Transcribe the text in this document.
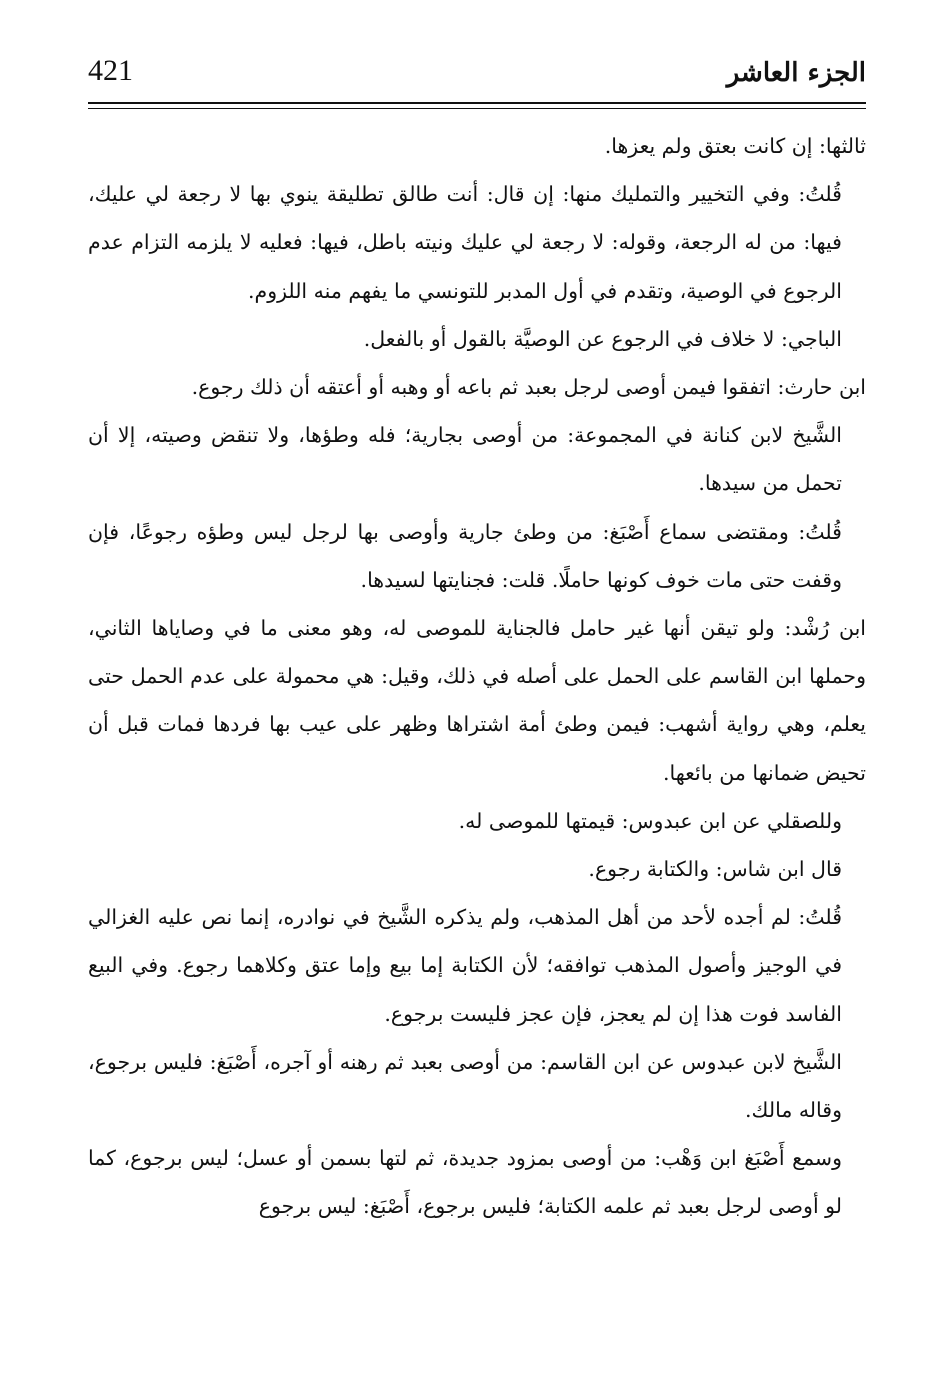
421	الجزء العاشر

ثالثها: إن كانت بعتق ولم يعزها.

قُلتُ: وفي التخيير والتمليك منها: إن قال: أنت طالق تطليقة ينوي بها لا رجعة لي عليك، فيها: من له الرجعة، وقوله: لا رجعة لي عليك ونيته باطل، فيها: فعليه لا يلزمه التزام عدم الرجوع في الوصية، وتقدم في أول المدبر للتونسي ما يفهم منه اللزوم.

الباجي: لا خلاف في الرجوع عن الوصيَّة بالقول أو بالفعل.

ابن حارث: اتفقوا فيمن أوصى لرجل بعبد ثم باعه أو وهبه أو أعتقه أن ذلك رجوع.

الشَّيخ لابن كنانة في المجموعة: من أوصى بجارية؛ فله وطؤها، ولا تنقض وصيته، إلا أن تحمل من سيدها.

قُلتُ: ومقتضى سماع أَصْبَغ: من وطئ جارية وأوصى بها لرجل ليس وطؤه رجوعًا، فإن وقفت حتى مات خوف كونها حاملًا. قلت: فجنايتها لسيدها.

ابن رُشْد: ولو تيقن أنها غير حامل فالجناية للموصى له، وهو معنى ما في وصاياها الثاني، وحملها ابن القاسم على الحمل على أصله في ذلك، وقيل: هي محمولة على عدم الحمل حتى يعلم، وهي رواية أشهب: فيمن وطئ أمة اشتراها وظهر على عيب بها فردها فمات قبل أن تحيض ضمانها من بائعها.

وللصقلي عن ابن عبدوس: قيمتها للموصى له.

قال ابن شاس: والكتابة رجوع.

قُلتُ: لم أجده لأحد من أهل المذهب، ولم يذكره الشَّيخ في نوادره، إنما نص عليه الغزالي في الوجيز وأصول المذهب توافقه؛ لأن الكتابة إما بيع وإما عتق وكلاهما رجوع. وفي البيع الفاسد فوت هذا إن لم يعجز، فإن عجز فليست برجوع.

الشَّيخ لابن عبدوس عن ابن القاسم: من أوصى بعبد ثم رهنه أو آجره، أَصْبَغ: فليس برجوع، وقاله مالك.

وسمع أَصْبَغ ابن وَهْب: من أوصى بمزود جديدة، ثم لتها بسمن أو عسل؛ ليس برجوع، كما لو أوصى لرجل بعبد ثم علمه الكتابة؛ فليس برجوع، أَصْبَغ: ليس برجوع
